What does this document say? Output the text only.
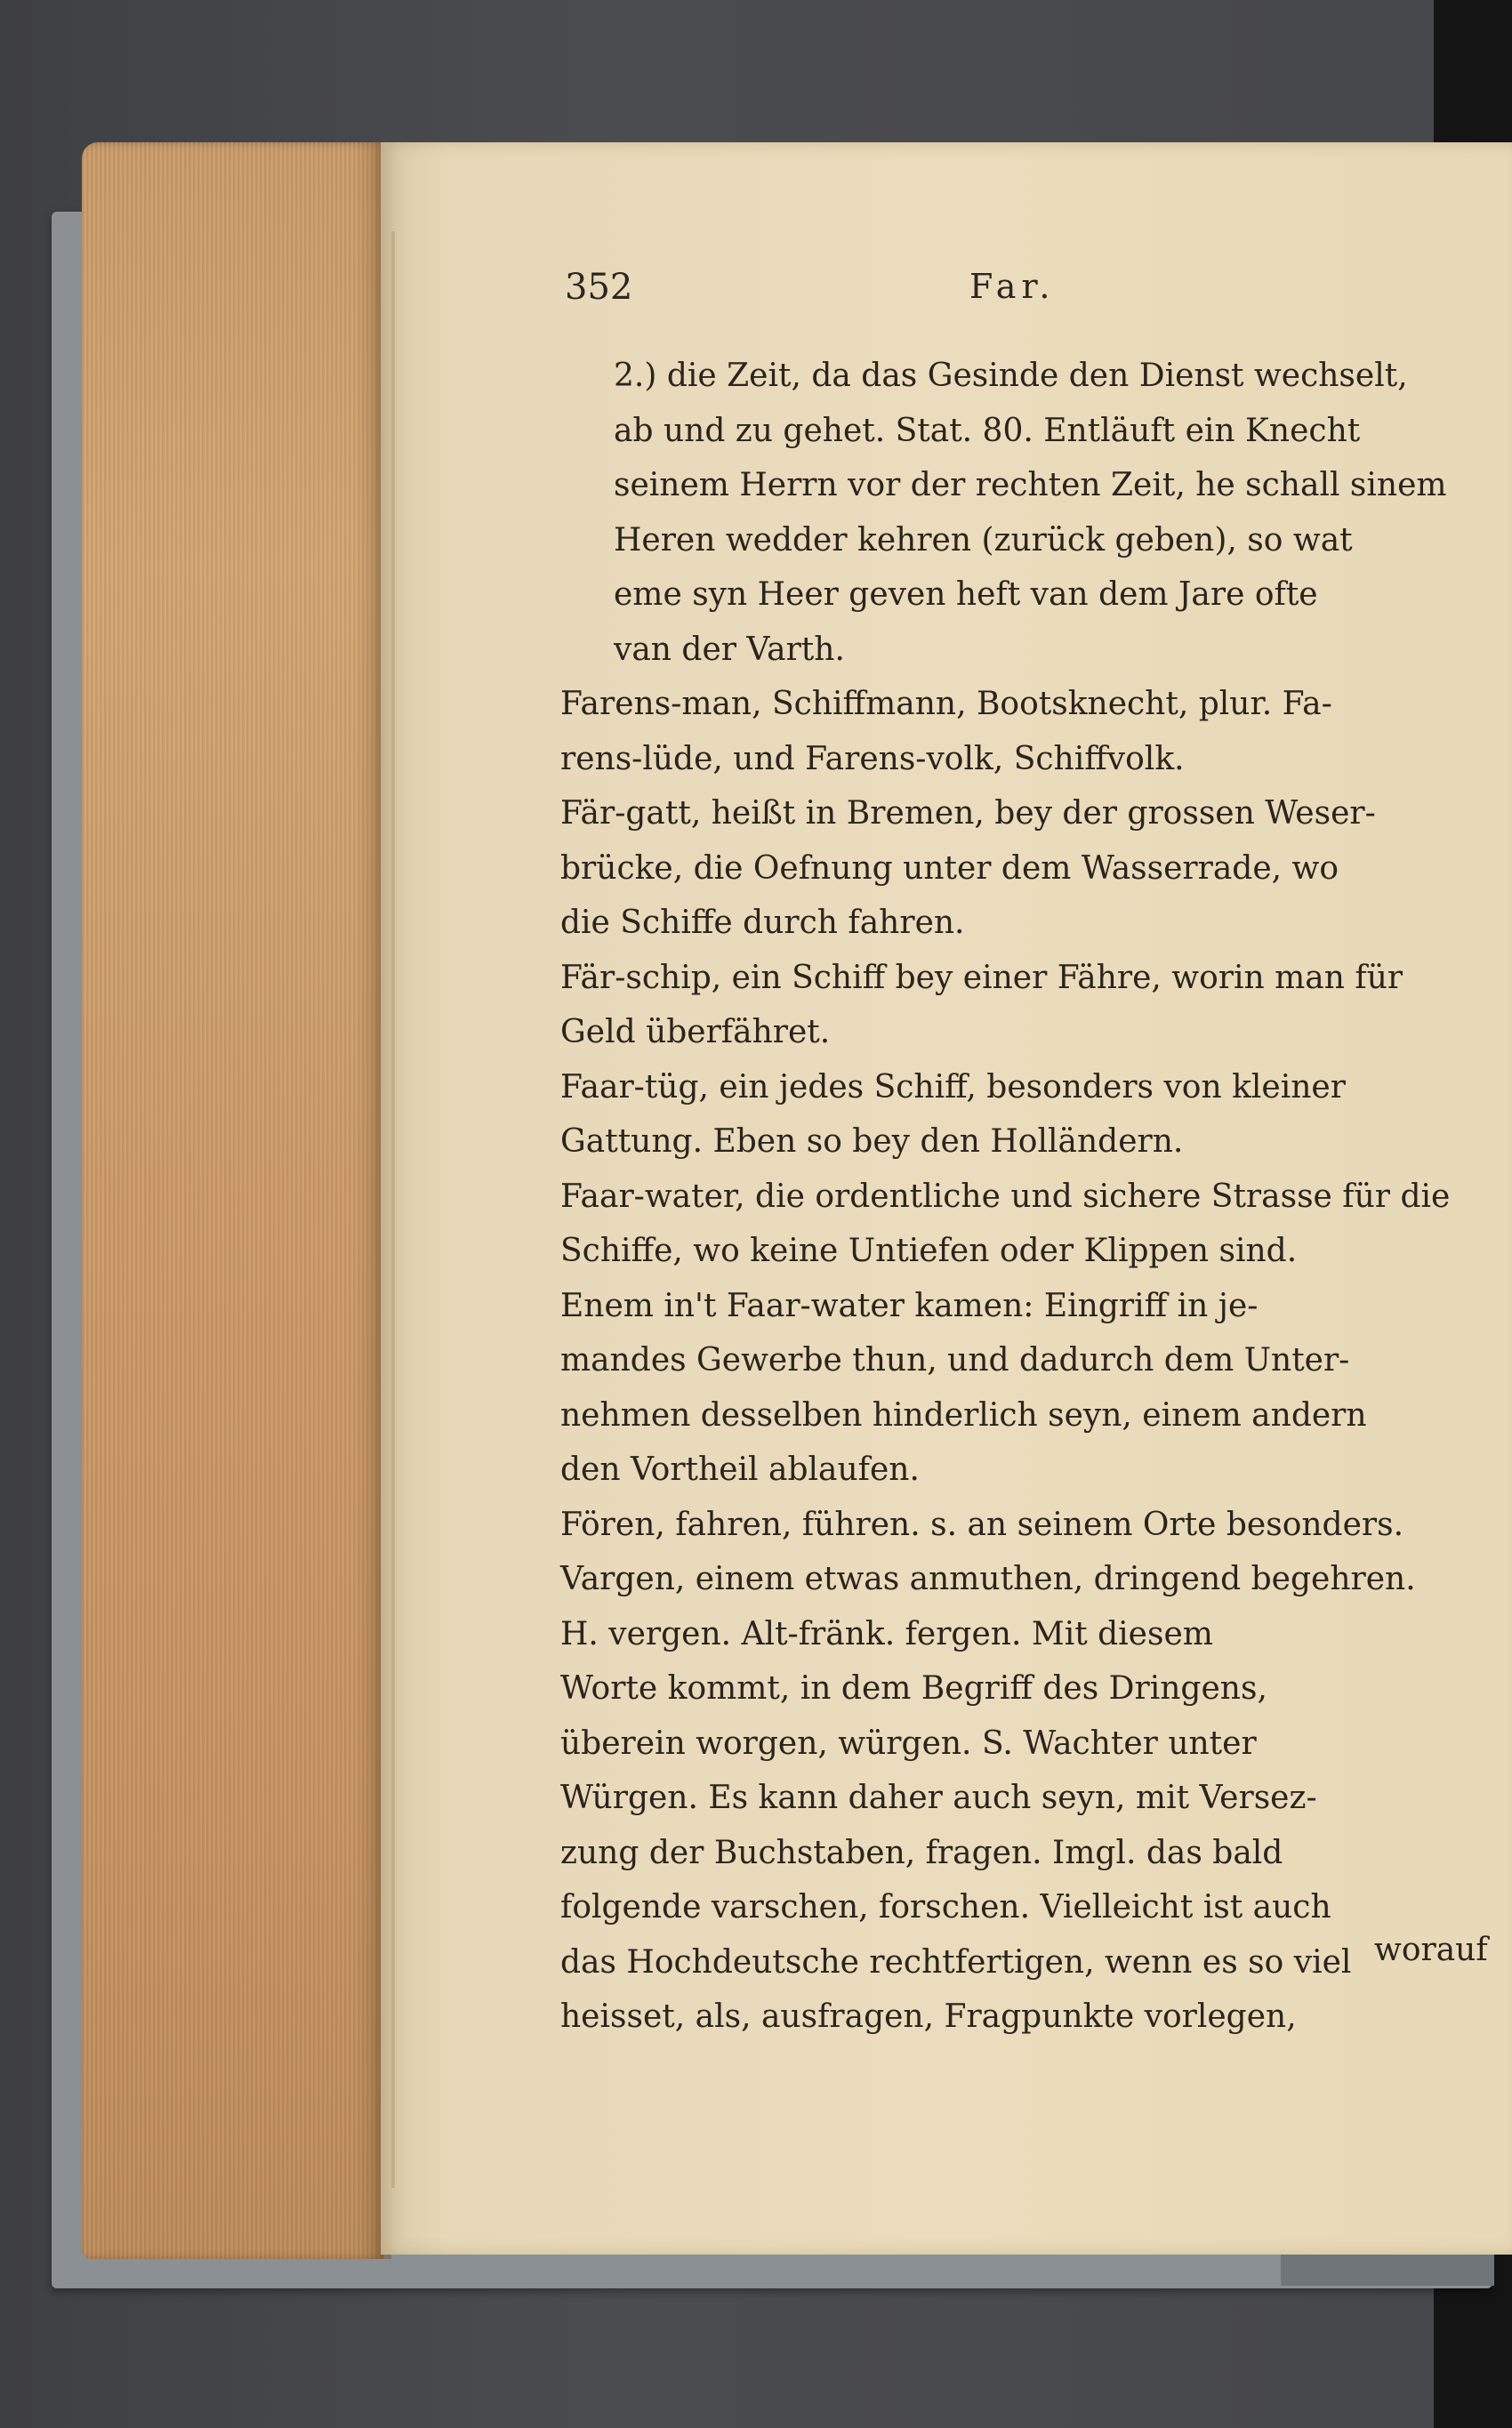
352	Far.
2.) die Zeit, da das Gesinde den Dienst wechselt,
ab und zu gehet. Stat. 80. Entläuft ein Knecht
seinem Herrn vor der rechten Zeit, he schall sinem
Heren wedder kehren (zurück geben), so wat
eme syn Heer geven heft van dem Jare ofte
van der Varth.
Farens-man, Schiffmann, Bootsknecht, plur. Fa-
rens-lüde, und Farens-volk, Schiffvolk.
Fär-gatt, heißt in Bremen, bey der grossen Weser-
brücke, die Oefnung unter dem Wasserrade, wo
die Schiffe durch fahren.
Fär-schip, ein Schiff bey einer Fähre, worin man für
Geld überfähret.
Faar-tüg, ein jedes Schiff, besonders von kleiner
Gattung. Eben so bey den Holländern.
Faar-water, die ordentliche und sichere Strasse für die
Schiffe, wo keine Untiefen oder Klippen sind.
Enem in't Faar-water kamen: Eingriff in je-
mandes Gewerbe thun, und dadurch dem Unter-
nehmen desselben hinderlich seyn, einem andern
den Vortheil ablaufen.
Fören, fahren, führen. s. an seinem Orte besonders.
Vargen, einem etwas anmuthen, dringend begehren.
H. vergen. Alt-fränk. fergen. Mit diesem
Worte kommt, in dem Begriff des Dringens,
überein worgen, würgen. S. Wachter unter
Würgen. Es kann daher auch seyn, mit Versez-
zung der Buchstaben, fragen. Imgl. das bald
folgende varschen, forschen. Vielleicht ist auch
das Hochdeutsche rechtfertigen, wenn es so viel
heisset, als, ausfragen, Fragpunkte vorlegen,
worauf
